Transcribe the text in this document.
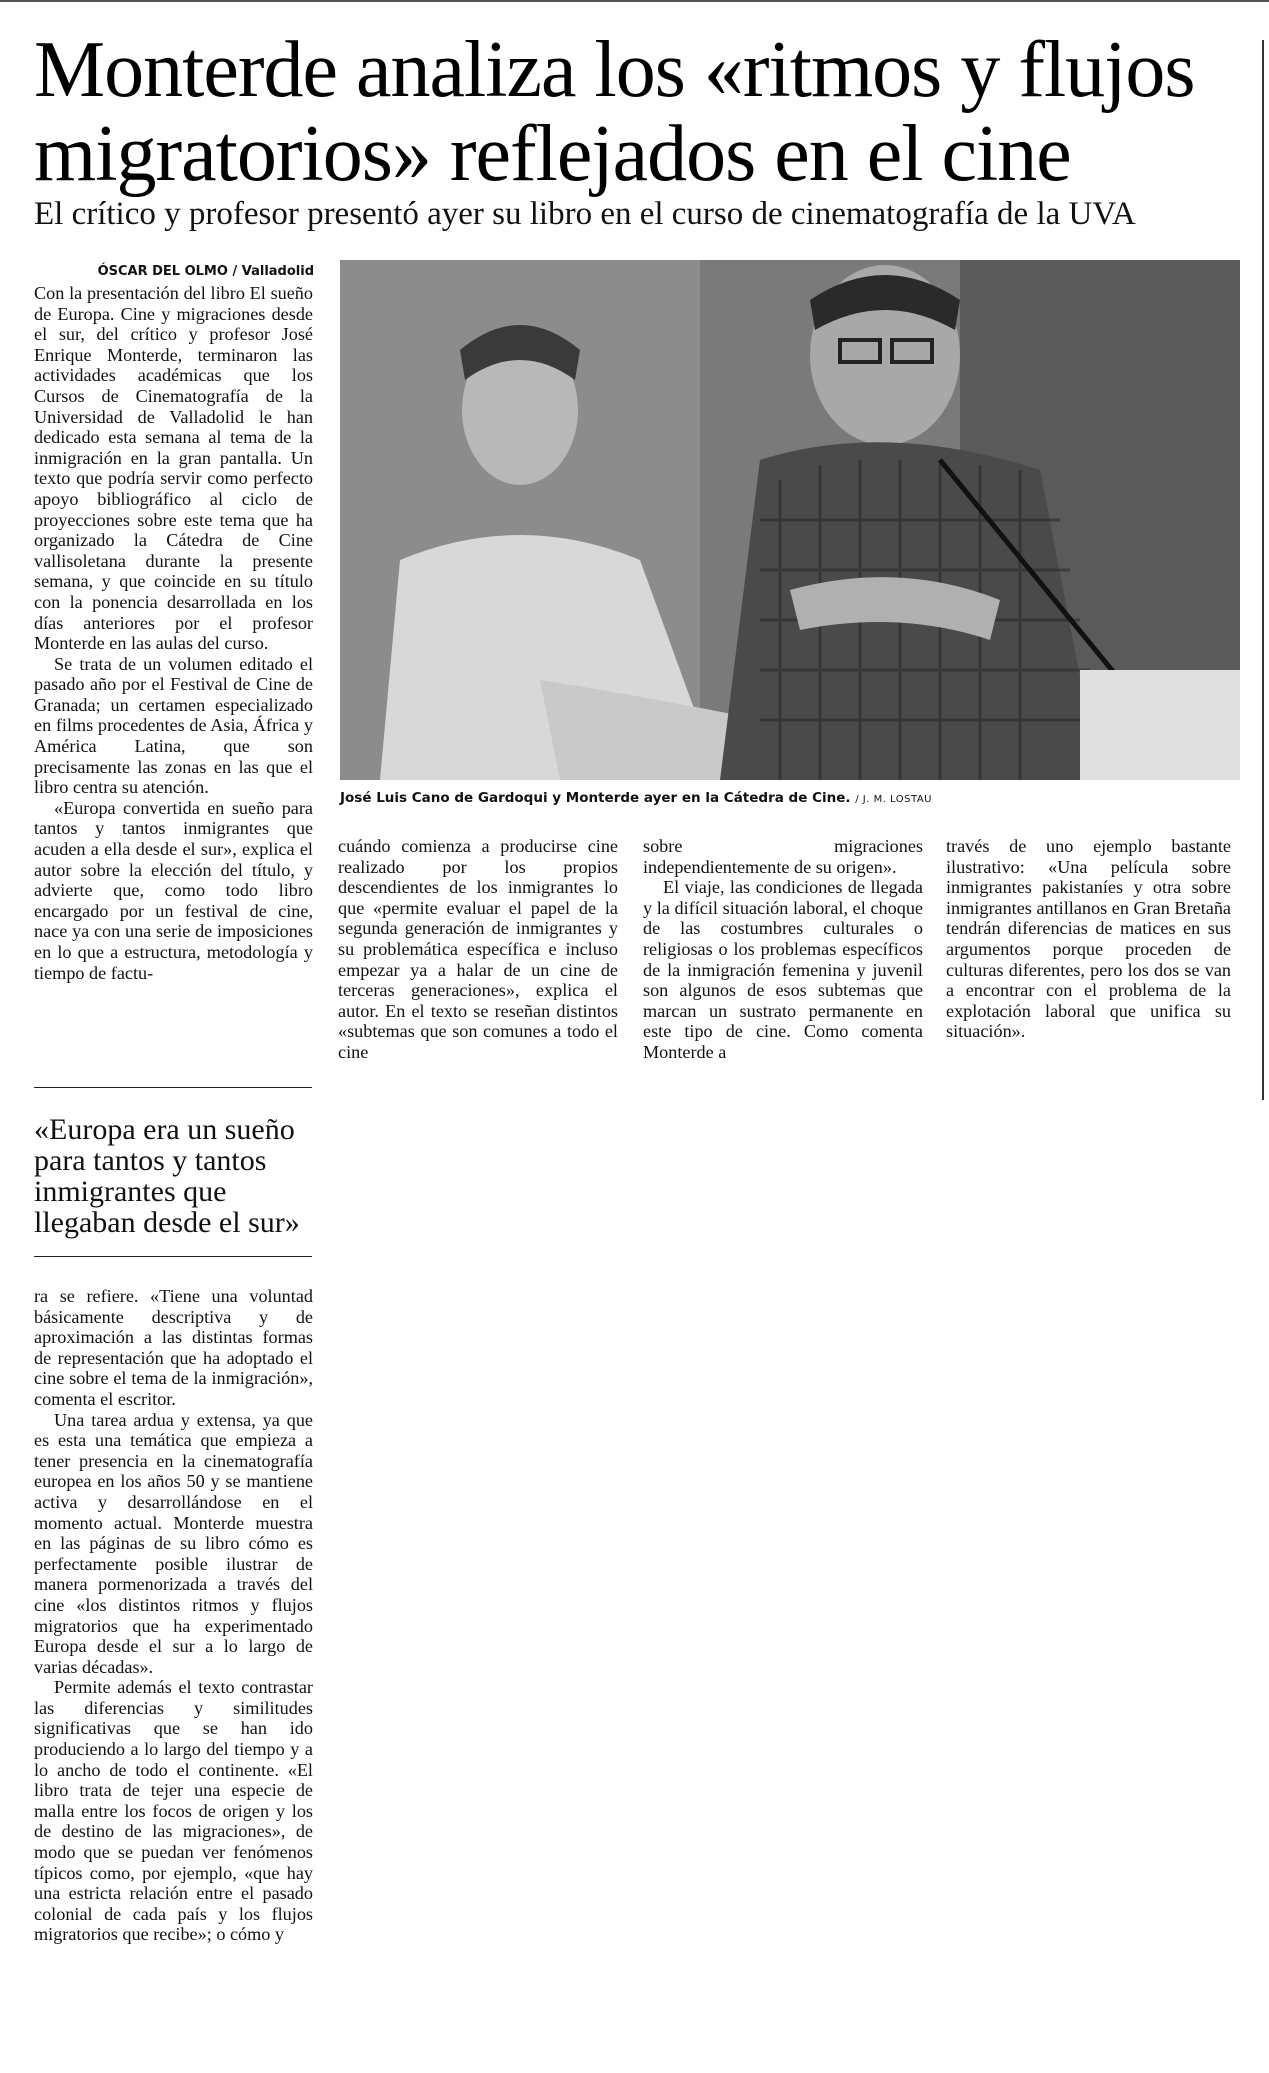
Monterde analiza los «ritmos y flujos migratorios» reflejados en el cine
El crítico y profesor presentó ayer su libro en el curso de cinematografía de la UVA
ÓSCAR DEL OLMO / Valladolid

Con la presentación del libro El sueño de Europa. Cine y migraciones desde el sur, del crítico y profesor José Enrique Monterde, terminaron las actividades académicas que los Cursos de Cinematografía de la Universidad de Valladolid le han dedicado esta semana al tema de la inmigración en la gran pantalla. Un texto que podría servir como perfecto apoyo bibliográfico al ciclo de proyecciones sobre este tema que ha organizado la Cátedra de Cine vallisoletana durante la presente semana, y que coincide en su título con la ponencia desarrollada en los días anteriores por el profesor Monterde en las aulas del curso.

Se trata de un volumen editado el pasado año por el Festival de Cine de Granada; un certamen especializado en films procedentes de Asia, África y América Latina, que son precisamente las zonas en las que el libro centra su atención.

«Europa convertida en sueño para tantos y tantos inmigrantes que acuden a ella desde el sur», explica el autor sobre la elección del título, y advierte que, como todo libro encargado por un festival de cine, nace ya con una serie de imposiciones en lo que a estructura, metodología y tiempo de factu-

José Luis Cano de Gardoqui y Monterde ayer en la Cátedra de Cine. / J. M. LOSTAU

cuándo comienza a producirse cine realizado por los propios descendientes de los inmigrantes lo que «permite evaluar el papel de la segunda generación de inmigrantes y su problemática específica e incluso empezar ya a halar de un cine de terceras generaciones», explica el autor. En el texto se reseñan distintos «subtemas que son comunes a todo el cine

sobre migraciones independientemente de su origen».

El viaje, las condiciones de llegada y la difícil situación laboral, el choque de las costumbres culturales o religiosas o los problemas específicos de la inmigración femenina y juvenil son algunos de esos subtemas que marcan un sustrato permanente en este tipo de cine. Como comenta Monterde a

través de uno ejemplo bastante ilustrativo: «Una película sobre inmigrantes pakistaníes y otra sobre inmigrantes antillanos en Gran Bretaña tendrán diferencias de matices en sus argumentos porque proceden de culturas diferentes, pero los dos se van a encontrar con el problema de la explotación laboral que unifica su situación».

«Europa era un sueño para tantos y tantos inmigrantes que llegaban desde el sur»

ra se refiere. «Tiene una voluntad básicamente descriptiva y de aproximación a las distintas formas de representación que ha adoptado el cine sobre el tema de la inmigración», comenta el escritor.

Una tarea ardua y extensa, ya que es esta una temática que empieza a tener presencia en la cinematografía europea en los años 50 y se mantiene activa y desarrollándose en el momento actual. Monterde muestra en las páginas de su libro cómo es perfectamente posible ilustrar de manera pormenorizada a través del cine «los distintos ritmos y flujos migratorios que ha experimentado Europa desde el sur a lo largo de varias décadas».

Permite además el texto contrastar las diferencias y similitudes significativas que se han ido produciendo a lo largo del tiempo y a lo ancho de todo el continente. «El libro trata de tejer una especie de malla entre los focos de origen y los de destino de las migraciones», de modo que se puedan ver fenómenos típicos como, por ejemplo, «que hay una estricta relación entre el pasado colonial de cada país y los flujos migratorios que recibe»; o cómo y
